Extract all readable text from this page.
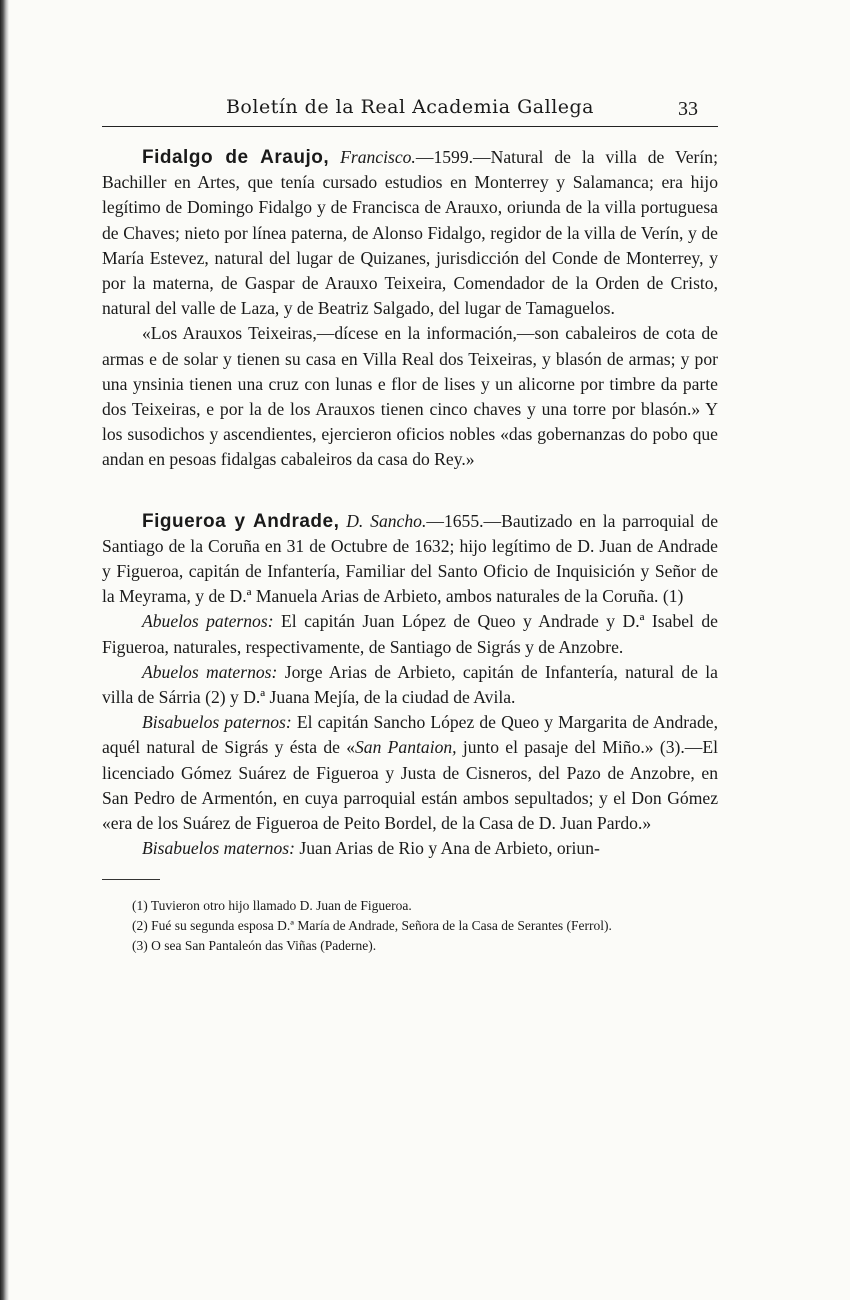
Boletín de la Real Academia Gallega	33

Fidalgo de Araujo, Francisco.—1599.—Natural de la villa de Verín; Bachiller en Artes, que tenía cursado estudios en Monterrey y Salamanca; era hijo legítimo de Domingo Fidalgo y de Francisca de Arauxo, oriunda de la villa portuguesa de Chaves; nieto por línea paterna, de Alonso Fidalgo, regidor de la villa de Verín, y de María Estevez, natural del lugar de Quizanes, jurisdicción del Conde de Monterrey, y por la materna, de Gaspar de Arauxo Teixeira, Comendador de la Orden de Cristo, natural del valle de Laza, y de Beatriz Salgado, del lugar de Tamaguelos.

«Los Arauxos Teixeiras,—dícese en la información,—son cabaleiros de cota de armas e de solar y tienen su casa en Villa Real dos Teixeiras, y blasón de armas; y por una ynsinia tienen una cruz con lunas e flor de lises y un alicorne por timbre da parte dos Teixeiras, e por la de los Arauxos tienen cinco chaves y una torre por blasón.» Y los susodichos y ascendientes, ejercieron oficios nobles «das gobernanzas do pobo que andan en pesoas fidalgas cabaleiros da casa do Rey.»

Figueroa y Andrade, D. Sancho.—1655.—Bautizado en la parroquial de Santiago de la Coruña en 31 de Octubre de 1632; hijo legítimo de D. Juan de Andrade y Figueroa, capitán de Infantería, Familiar del Santo Oficio de Inquisición y Señor de la Meyrama, y de D.ª Manuela Arias de Arbieto, ambos naturales de la Coruña. (1)

Abuelos paternos: El capitán Juan López de Queo y Andrade y D.ª Isabel de Figueroa, naturales, respectivamente, de Santiago de Sigrás y de Anzobre.

Abuelos maternos: Jorge Arias de Arbieto, capitán de Infantería, natural de la villa de Sárria (2) y D.ª Juana Mejía, de la ciudad de Avila.

Bisabuelos paternos: El capitán Sancho López de Queo y Margarita de Andrade, aquél natural de Sigrás y ésta de «San Pantaion, junto el pasaje del Miño.» (3).—El licenciado Gómez Suárez de Figueroa y Justa de Cisneros, del Pazo de Anzobre, en San Pedro de Armentón, en cuya parroquial están ambos sepultados; y el Don Gómez «era de los Suárez de Figueroa de Peito Bordel, de la Casa de D. Juan Pardo.»

Bisabuelos maternos: Juan Arias de Rio y Ana de Arbieto, oriun-

(1) Tuvieron otro hijo llamado D. Juan de Figueroa.

(2) Fué su segunda esposa D.ª María de Andrade, Señora de la Casa de Serantes (Ferrol).

(3) O sea San Pantaleón das Viñas (Paderne).
